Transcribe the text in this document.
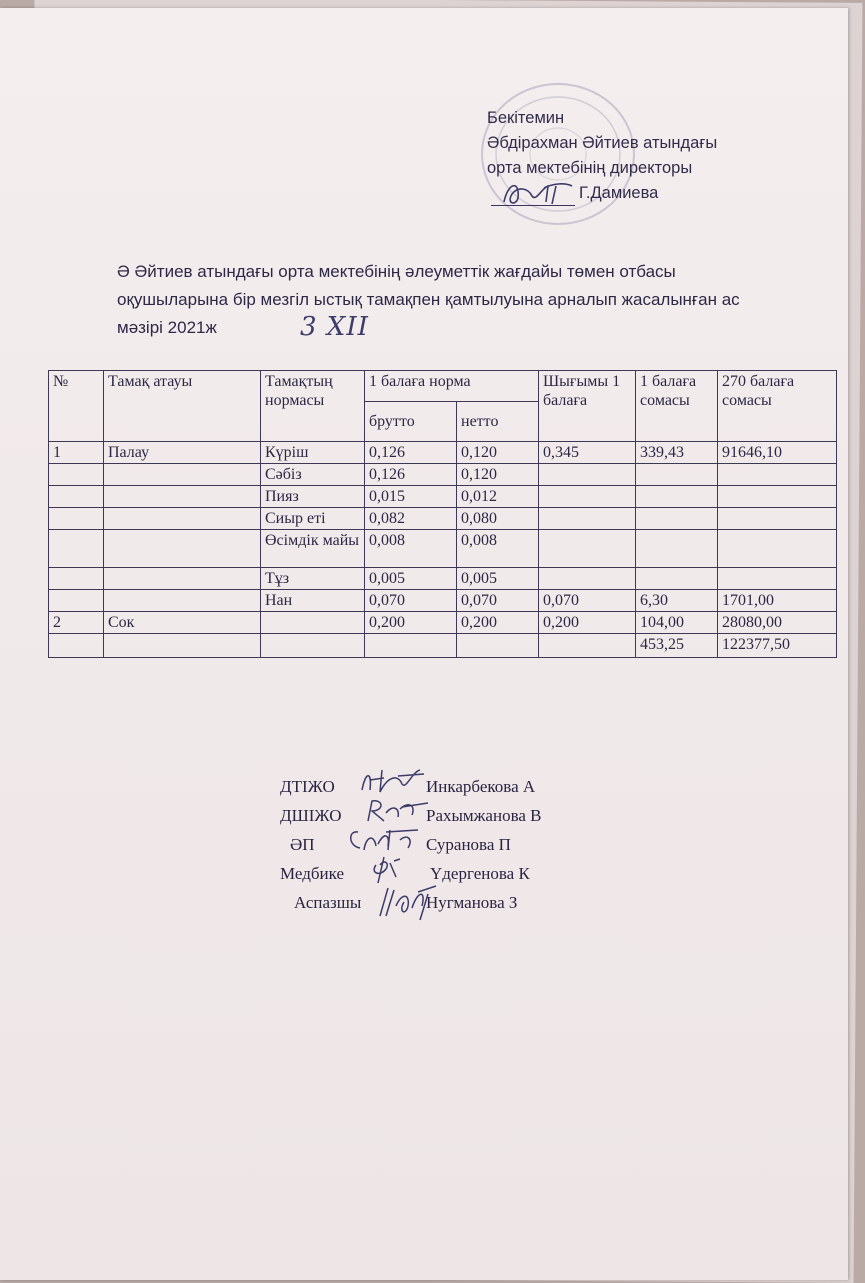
Бекітемин
Әбдірахман Әйтиев атындағы
орта мектебінің директоры
Г.Дамиева
Ә Әйтиев атындағы орта мектебінің әлеуметтік жағдайы төмен отбасы оқушыларына бір мезгіл ыстық тамақпен қамтылуына арналып жасалынған ас мәзірі 2021ж	3 ХII
№	Тамақ атауы	Тамақтың нормасы	1 балаға норма		Шығымы 1 балаға	1 балаға сомасы	270 балаға сомасы
			брутто	нетто			
1	Палау	Күріш	0,126	0,120	0,345	339,43	91646,10
		Сәбіз	0,126	0,120			
		Пияз	0,015	0,012			
		Сиыр еті	0,082	0,080			
		Өсімдік майы	0,008	0,008			
		Тұз	0,005	0,005			
		Нан	0,070	0,070	0,070	6,30	1701,00
2	Сок		0,200	0,200	0,200	104,00	28080,00
						453,25	122377,50
ДТІЖО	Инкарбекова А
ДШІЖО	Рахымжанова В
ӘП	Суранова П
Медбике	Үдергенова К
Аспазшы	Нугманова З
